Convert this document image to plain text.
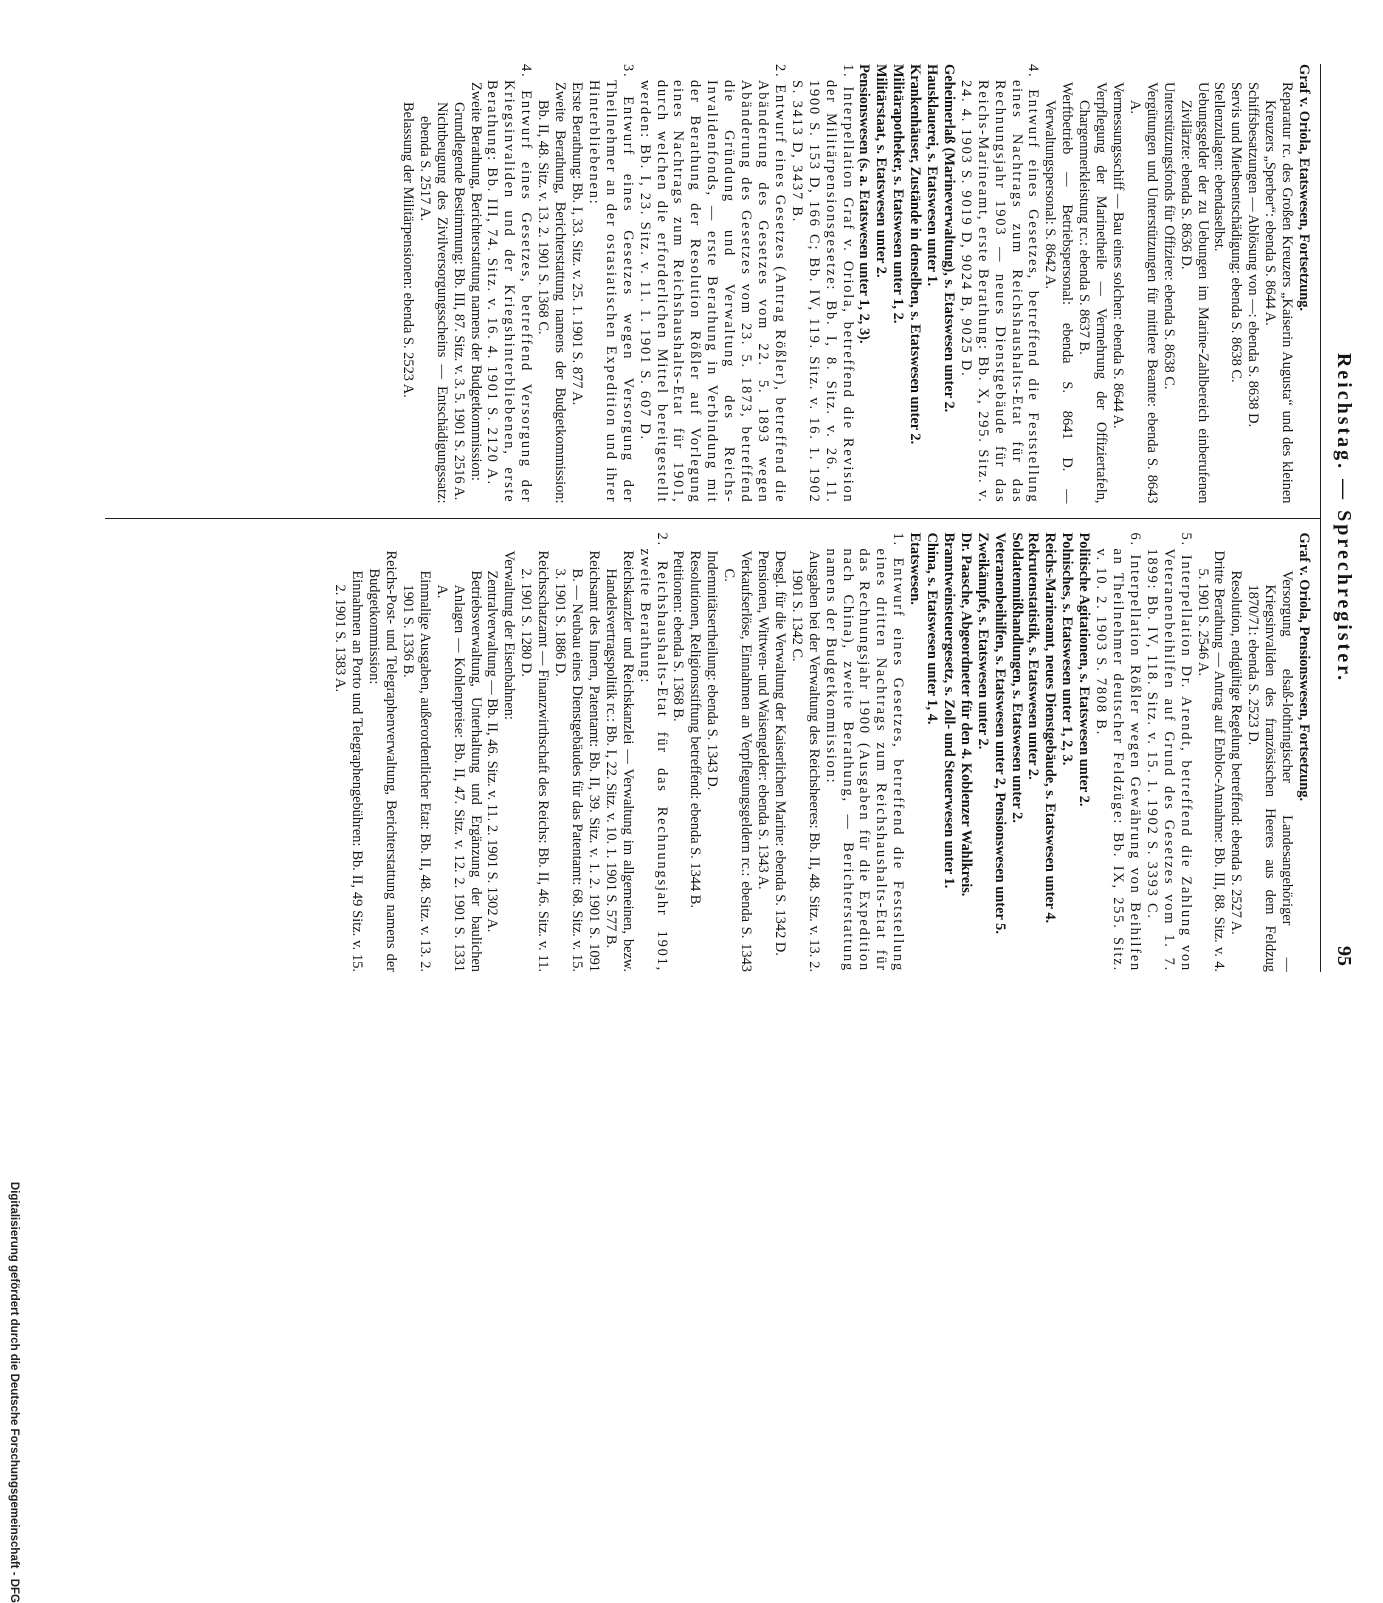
Reichstag. — Sprechregister.
95

Graf v. Oriola, Etatswesen, Fortsetzung.

Reparatur rc. des Großen Kreuzers „Kaiserin Augusta“ und des kleinen Kreuzers „Sperber“: ebenda S. 8644 A.

Schiffsbesatzungen — Ablösung von —: ebenda S. 8638 D.

Servis und Miethsentschädigung: ebenda S. 8638 C.

Stellenzulagen: ebendaselbst.

Uebungsgelder der zu Uebungen im Marine-Zahlbereich einberufenen Zivilärzte: ebenda S. 8636 D.

Unterstützungsfonds für Offiziere: ebenda S. 8638 C.

Vergütungen und Unterstützungen für mittlere Beamte: ebenda S. 8643 A.

Vermessungsschiff — Bau eines solchen: ebenda S. 8644 A.

Verpflegung der Marinetheile — Vermehrung der Offiziertafeln, Chargenmerkleistung rc.: ebenda S. 8637 B.

Werftbetrieb — Betriebspersonal: ebenda S. 8641 D. — Verwaltungspersonal: S. 8642 A.

4. Entwurf eines Gesetzes, betreffend die Feststellung eines Nachtrags zum Reichshaushalts-Etat für das Rechnungsjahr 1903 — neues Dienstgebäude für das Reichs-Marineamt, erste Berathung: Bb. X, 295. Sitz. v. 24. 4. 1903 S. 9019 D, 9024 B, 9025 D.

Geheimerlaß (Marineverwaltung), s. Etatswesen unter 2.

Hausklauerei, s. Etatswesen unter 1.

Krankenhäuser, Zustände in denselben, s. Etatswesen unter 2.

Militärapotheker, s. Etatswesen unter 1, 2.

Militärstaat, s. Etatswesen unter 2.

Pensionswesen (s. a. Etatswesen unter 1, 2, 3).

1. Interpellation Graf v. Oriola, betreffend die Revision der Militärpensionsgesetze: Bb. I, 8. Sitz. v. 26. 11. 1900 S. 153 D, 166 C; Bb. IV, 119. Sitz. v. 16. 1. 1902 S. 3413 D, 3437 B.

2. Entwurf eines Gesetzes (Antrag Rößler), betreffend die Abänderung des Gesetzes vom 22. 5. 1893 wegen Abänderung des Gesetzes vom 23. 5. 1873, betreffend die Gründung und Verwaltung des Reichs-Invalidenfonds, — erste Berathung in Verbindung mit der Berathung der Resolution Rößler auf Vorlegung eines Nachtrags zum Reichshaushalts-Etat für 1901, durch welchen die erforderlichen Mittel bereitgestellt werden: Bb. I, 23. Sitz. v. 11. 1. 1901 S. 607 D.

3. Entwurf eines Gesetzes wegen Versorgung der Theilnehmer an der ostasiatischen Expedition und ihrer Hinterbliebenen:

Erste Berathung: Bb. I, 33. Sitz. v. 25. 1. 1901 S. 877 A.

Zweite Berathung, Berichterstattung namens der Budgetkommission: Bb. II, 48. Sitz. v. 13. 2. 1901 S. 1368 C.

4. Entwurf eines Gesetzes, betreffend Versorgung der Kriegsinvaliden und der Kriegshinterbliebenen, erste Berathung: Bb. III, 74. Sitz. v. 16. 4. 1901 S. 2120 A.

Zweite Berathung, Berichterstattung namens der Budgetkommission:

Grundlegende Bestimmung: Bb. III, 87. Sitz. v. 3. 5. 1901 S. 2516 A.

Nichtbeugung des Zivilversorgungsscheins — Entschädigungssatz: ebenda S. 2517 A.

Belassung der Militärpensionen: ebenda S. 2523 A.

Graf v. Oriola, Pensionswesen, Fortsetzung.

Versorgung elsaß-lothringischer Landesangehöriger — Kriegsinvaliden des französischen Heeres aus dem Feldzug 1870/71: ebenda S. 2523 D.

Resolution, endgültige Regelung betreffend: ebenda S. 2527 A.

Dritte Berathung — Antrag auf Enbloc-Annahme: Bb. III, 88. Sitz. v. 4. 5. 1901 S. 2546 A.

5. Interpellation Dr. Arendt, betreffend die Zahlung von Veteranenbeihilfen auf Grund des Gesetzes vom 1. 7. 1899: Bb. IV, 118. Sitz. v. 15. 1. 1902 S. 3393 C.

6. Interpellation Rößler wegen Gewährung von Beihilfen an Theilnehmer deutscher Feldzüge: Bb. IX, 255. Sitz. v. 10. 2. 1903 S. 7808 B.

Politische Agitationen, s. Etatswesen unter 2.

Polnisches, s. Etatswesen unter 1, 2, 3.

Reichs-Marineamt, neues Dienstgebäude, s. Etatswesen unter 4.

Rekrutenstatistik, s. Etatswesen unter 2.

Soldatenmißhandlungen, s. Etatswesen unter 2.

Veteranenbeihilfen, s. Etatswesen unter 2, Pensionswesen unter 5.

Zweikämpfe, s. Etatswesen unter 2.

Dr. Paasche, Abgeordneter für den 4. Koblenzer Wahlkreis.

Branntweinsteuergesetz, s. Zoll- und Steuerwesen unter 1.

China, s. Etatswesen unter 1, 4.

Etatswesen.

1. Entwurf eines Gesetzes, betreffend die Feststellung eines dritten Nachtrags zum Reichshaushalts-Etat für das Rechnungsjahr 1900 (Ausgaben für die Expedition nach China), zweite Berathung, — Berichterstattung namens der Budgetkommission:

Ausgaben bei der Verwaltung des Reichsheeres: Bb. II, 48. Sitz. v. 13. 2. 1901 S. 1342 C.

Desgl. für die Verwaltung der Kaiserlichen Marine: ebenda S. 1342 D.

Pensionen, Wittwen- und Waisengelder: ebenda S. 1343 A.

Verkaufserlöse, Einnahmen an Verpflegungsgeldern rc.: ebenda S. 1343 C.

Indemnitätsertheilung: ebenda S. 1343 D.

Resolutionen, Religionsstiftung betreffend: ebenda S. 1344 B.

Petitionen: ebenda S. 1368 B.

2. Reichshaushalts-Etat für das Rechnungsjahr 1901, zweite Berathung:

Reichskanzler und Reichskanzlei — Verwaltung im allgemeinen, bezw. Handelsvertragspolitik rc.: Bb. I, 22. Sitz. v. 10. 1. 1901 S. 577 B.

Reichsamt des Innern, Patentamt: Bb. II, 39. Sitz. v. 1. 2. 1901 S. 1091 B. — Neubau eines Dienstgebäudes für das Patentamt: 68. Sitz. v. 15. 3. 1901 S. 1886 D.

Reichsschatzamt — Finanzwirthschaft des Reichs: Bb. II, 46. Sitz. v. 11. 2. 1901 S. 1280 D.

Verwaltung der Eisenbahnen:

Zentralverwaltung — Bb. II, 46. Sitz. v. 11. 2. 1901 S. 1302 A.

Betriebsverwaltung, Unterhaltung und Ergänzung der baulichen Anlagen — Kohlenpreise: Bb. II, 47. Sitz. v. 12. 2. 1901 S. 1331 A.

Einmalige Ausgaben, außerordentlicher Etat: Bb. II, 48. Sitz. v. 13. 2. 1901 S. 1336 B.

Reichs-Post- und Telegraphenverwaltung, Berichterstattung namens der Budgetkommission:

Einnahmen an Porto und Telegraphengebühren: Bb. II, 49 Sitz. v. 15. 2. 1901 S. 1383 A.

Digitalisierung gefördert durch die Deutsche Forschungsgemeinschaft - DFG
